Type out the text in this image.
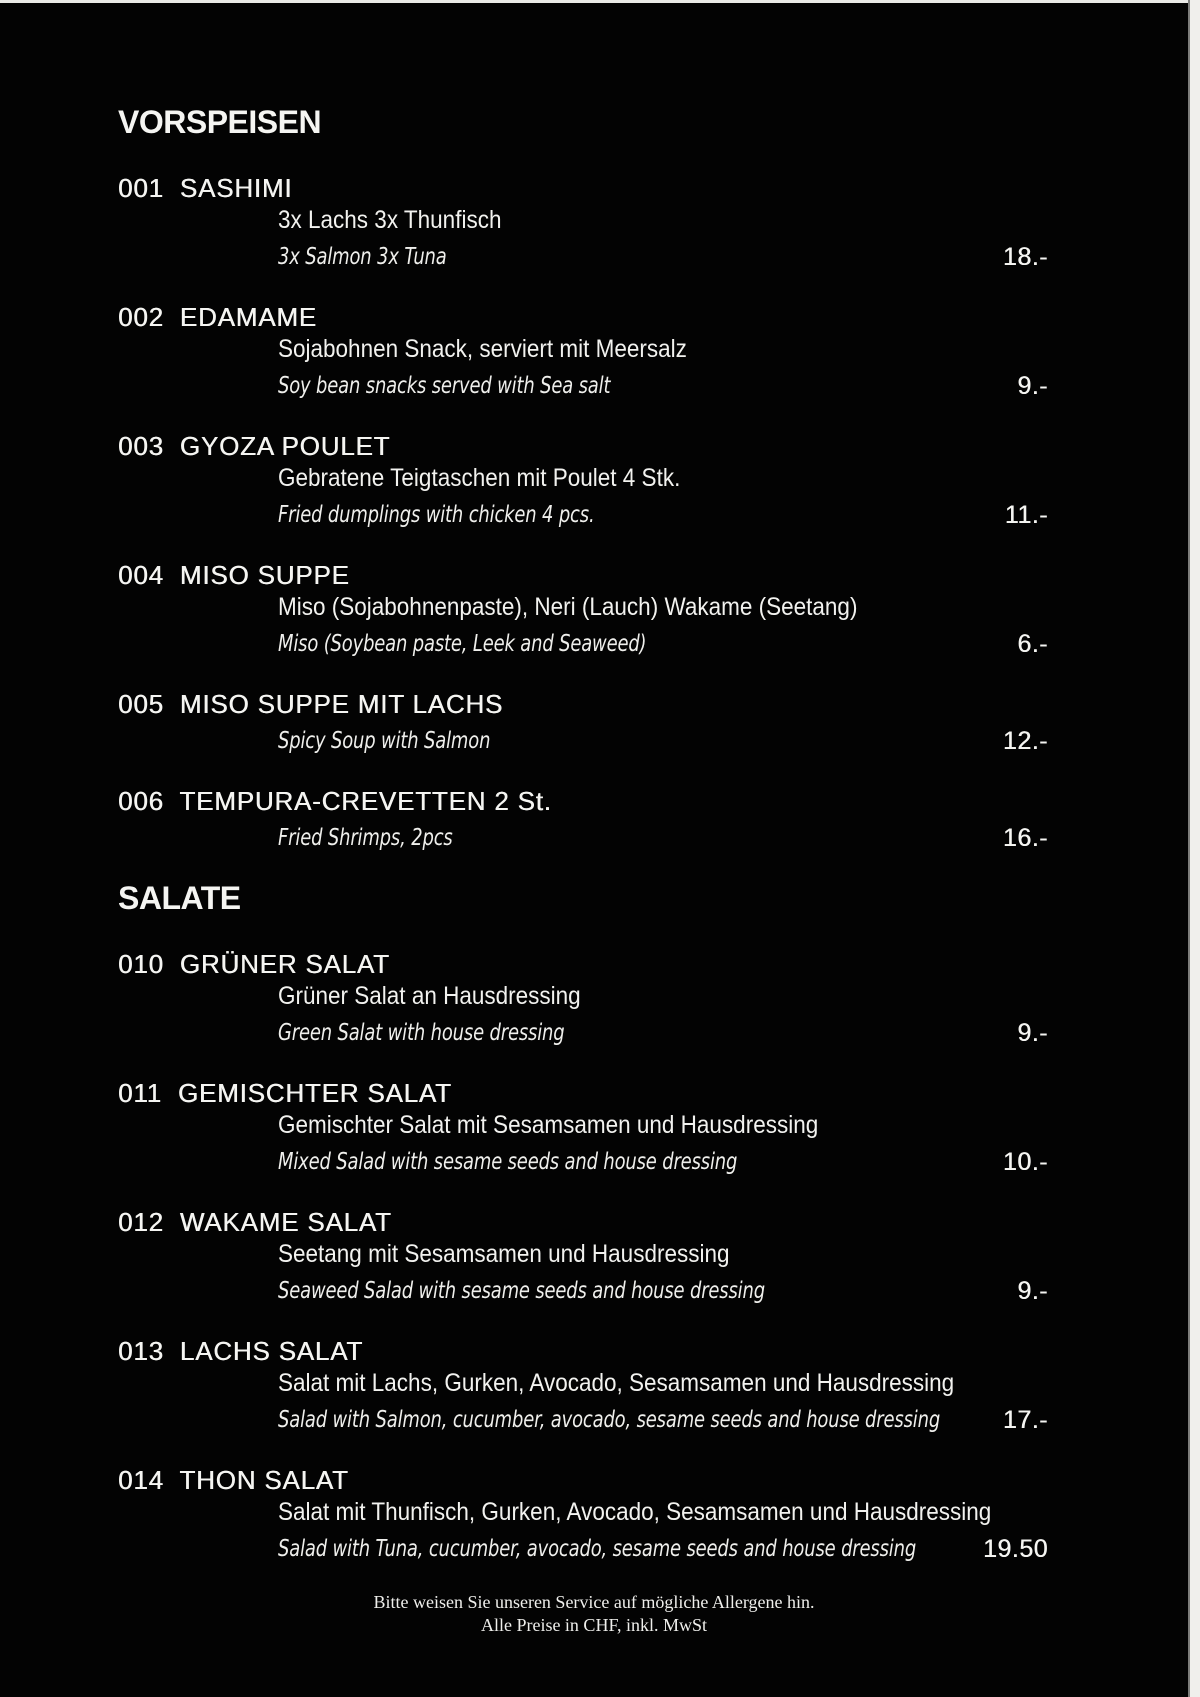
VORSPEISEN
001 SASHIMI
3x Lachs 3x Thunfisch
3x Salmon 3x Tuna	18.-
002 EDAMAME
Sojabohnen Snack, serviert mit Meersalz
Soy bean snacks served with Sea salt	9.-
003 GYOZA POULET
Gebratene Teigtaschen mit Poulet 4 Stk.
Fried dumplings with chicken 4 pcs.	11.-
004 MISO SUPPE
Miso (Sojabohnenpaste), Neri (Lauch) Wakame (Seetang)
Miso (Soybean paste, Leek and Seaweed)	6.-
005 MISO SUPPE MIT LACHS
Spicy Soup with Salmon	12.-
006 TEMPURA-CREVETTEN 2 St.
Fried Shrimps, 2pcs	16.-
SALATE
010 GRÜNER SALAT
Grüner Salat an Hausdressing
Green Salat with house dressing	9.-
011 GEMISCHTER SALAT
Gemischter Salat mit Sesamsamen und Hausdressing
Mixed Salad with sesame seeds and house dressing	10.-
012 WAKAME SALAT
Seetang mit Sesamsamen und Hausdressing
Seaweed Salad with sesame seeds and house dressing	9.-
013 LACHS SALAT
Salat mit Lachs, Gurken, Avocado, Sesamsamen und Hausdressing
Salad with Salmon, cucumber, avocado, sesame seeds and house dressing	17.-
014 THON SALAT
Salat mit Thunfisch, Gurken, Avocado, Sesamsamen und Hausdressing
Salad with Tuna, cucumber, avocado, sesame seeds and house dressing	19.50
Bitte weisen Sie unseren Service auf mögliche Allergene hin.
Alle Preise in CHF, inkl. MwSt
